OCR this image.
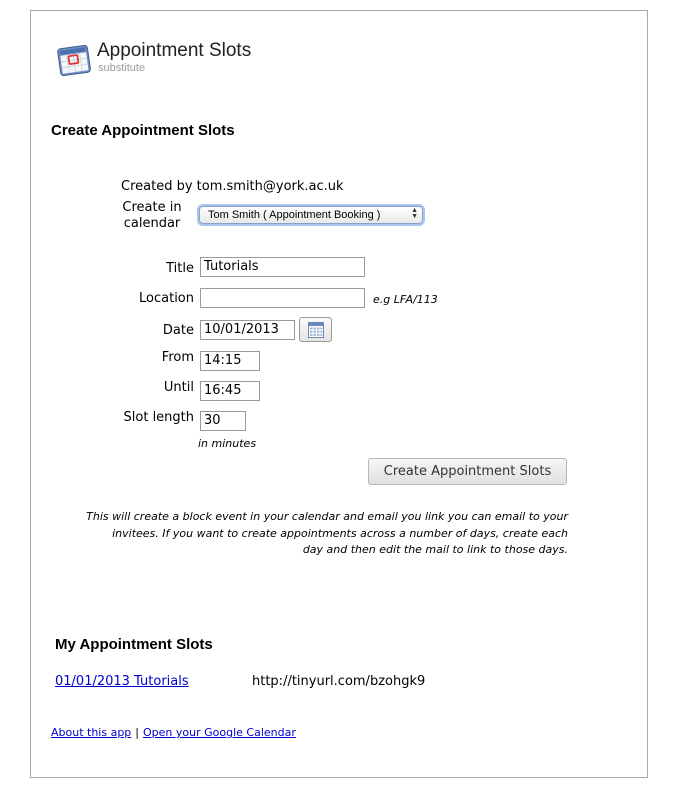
Appointment Slots
substitute
Create Appointment Slots
Created by tom.smith@york.ac.uk
Create in
calendar
Tom Smith ( Appointment Booking )	▲
▼
Title Tutorials
Location	e.g LFA/113
Date 10/01/2013
From 14:15
Until 16:45
Slot length 30
in minutes
Create Appointment Slots
This will create a block event in your calendar and email you link you can email to your
invitees. If you want to create appointments across a number of days, create each
day and then edit the mail to link to those days.
My Appointment Slots
01/01/2013 Tutorials	http://tinyurl.com/bzohgk9
About this app | Open your Google Calendar
